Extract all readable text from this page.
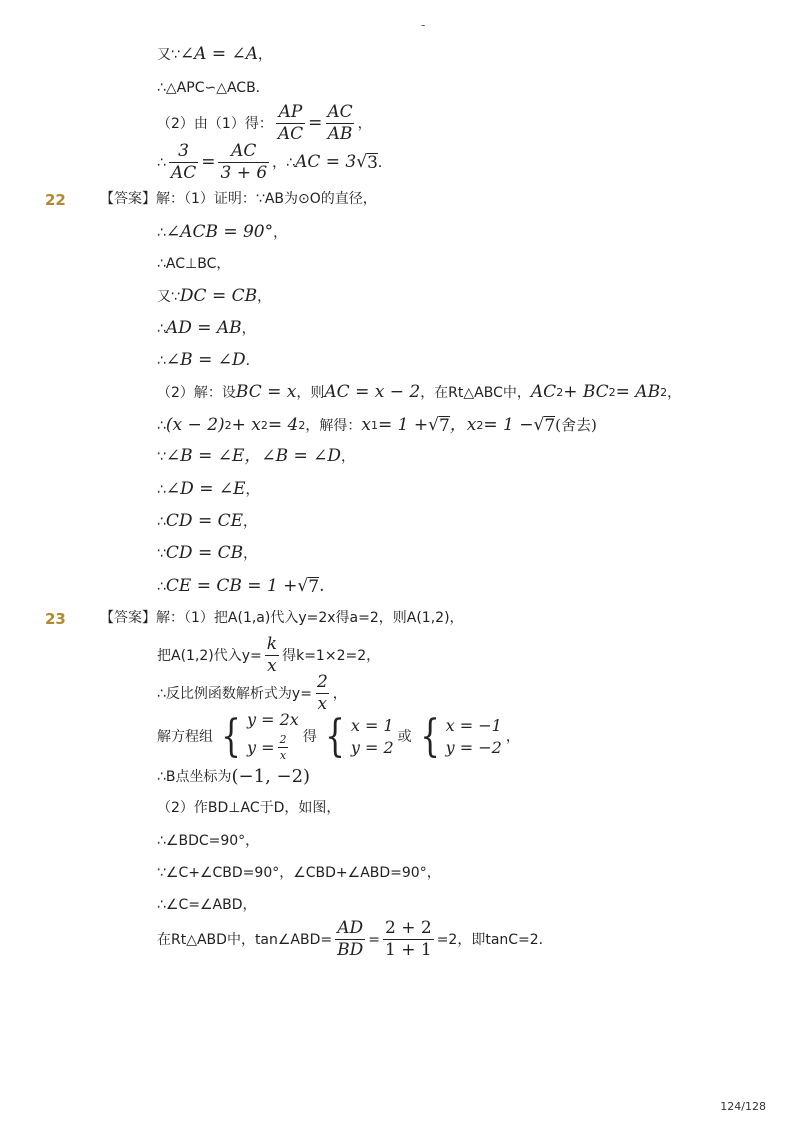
-
又∵ ∠A = ∠A ，
∴△APC∽△ACB．
（2）由（1）得： $\frac{AP}{AC} = \frac{AC}{AB}$ ，
∴ $\frac{3}{AC} = \frac{AC}{3 + 6}$ ，∴ AC = 3 √ 3 ．
22 【答案】解：（1）证明：∵AB为⊙O的直径，
∴ ∠ACB = 90° ，
∴AC⊥BC，
又∵ DC = CB ，
∴ AD = AB ，
∴ ∠B = ∠D ．
（2）解：设 BC = x ，则 AC = x − 2 ，在Rt△ABC中， AC 2 + BC 2 = AB 2 ，
∴ (x − 2) 2 + x 2 = 4 2 ，解得： x 1 = 1 + √ 7 ，x 2 = 1 − √ 7 (舍去)
∵ ∠B = ∠E，∠B = ∠D ，
∴ ∠D = ∠E ，
∴ CD = CE ，
∵ CD = CB ，
∴ CE = CB = 1 + √ 7 .
23 【答案】解：（1）把A(1,a)代入y=2x得a=2，则A(1,2)，
把A(1,2)代入$y= \frac{k}{x}$ 得k=1×2=2，
∴反比例函数解析式为$y= \frac{2}{x}$ ，
解方程组 { y = 2x
$y = \frac{2}{x}$ 得 { x = 1
y = 2
或 { x = −1
y = −2
，
∴B点坐标为 (−1, −2)
（2）作BD⊥AC于D，如图，
∴∠BDC=90°，
∵∠C+∠CBD=90°，∠CBD+∠ABD=90°，
∴∠C=∠ABD，
在Rt△ABD中，tan∠ABD= $\frac{AD}{BD} = \frac{2 + 2}{1 + 1} =2$，即tanC=2．
124/128
